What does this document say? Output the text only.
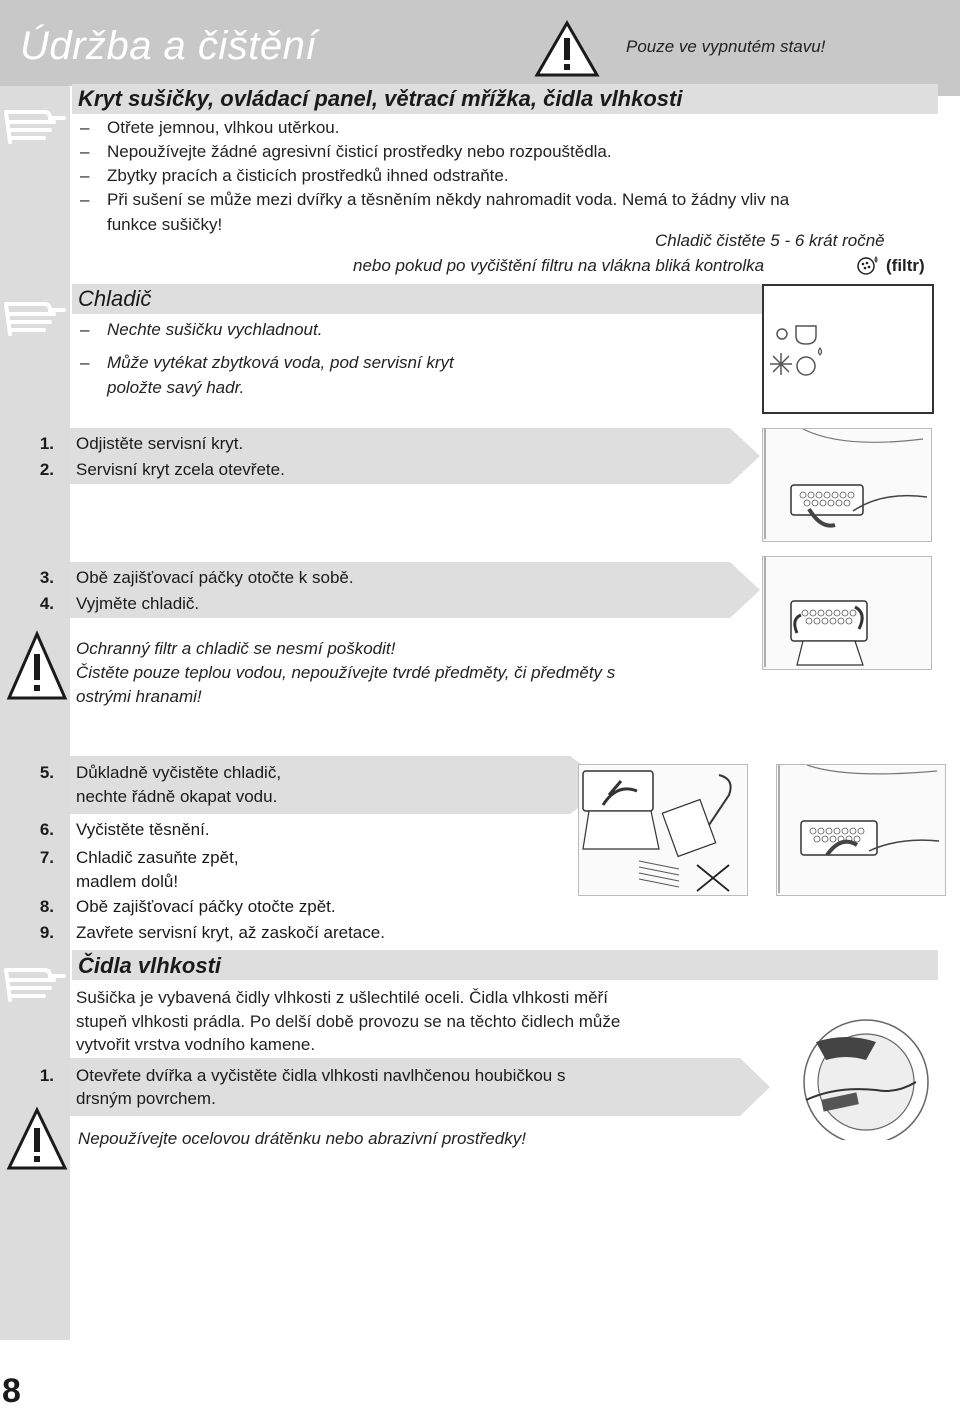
Údržba a čištění	Pouze ve vypnutém stavu!
Kryt sušičky, ovládací panel, větrací mřížka, čidla vlhkosti
– Otřete jemnou, vlhkou utěrkou.
– Nepoužívejte žádné agresivní čisticí prostředky nebo rozpouštědla.
– Zbytky pracích a čisticích prostředků ihned odstraňte.
– Při sušení se může mezi dvířky a těsněním někdy nahromadit voda. Nemá to žádny vliv na
funkce sušičky!
Chladič čistěte 5 - 6 krát ročně
nebo pokud po vyčištění filtru na vlákna bliká kontrolka	(filtr)
Chladič
– Nechte sušičku vychladnout.
– Může vytékat zbytková voda, pod servisní kryt
položte savý hadr.
1. Odjistěte servisní kryt.
2. Servisní kryt zcela otevřete.
3. Obě zajišťovací páčky otočte k sobě.
4. Vyjměte chladič.
Ochranný filtr a chladič se nesmí poškodit!
Čistěte pouze teplou vodou, nepoužívejte tvrdé předměty, či předměty s
ostrými hranami!
5. Důkladně vyčistěte chladič,
nechte řádně okapat vodu.
6. Vyčistěte těsnění.
7. Chladič zasuňte zpět,
madlem dolů!
8. Obě zajišťovací páčky otočte zpět.
9. Zavřete servisní kryt, až zaskočí aretace.
Čidla vlhkosti
Sušička je vybavená čidly vlhkosti z ušlechtilé oceli. Čidla vlhkosti měří
stupeň vlhkosti prádla. Po delší době provozu se na těchto čidlech může
vytvořit vrstva vodního kamene.
1. Otevřete dvířka a vyčistěte čidla vlhkosti navlhčenou houbičkou s
drsným povrchem.
Nepoužívejte ocelovou drátěnku nebo abrazivní prostředky!
8
